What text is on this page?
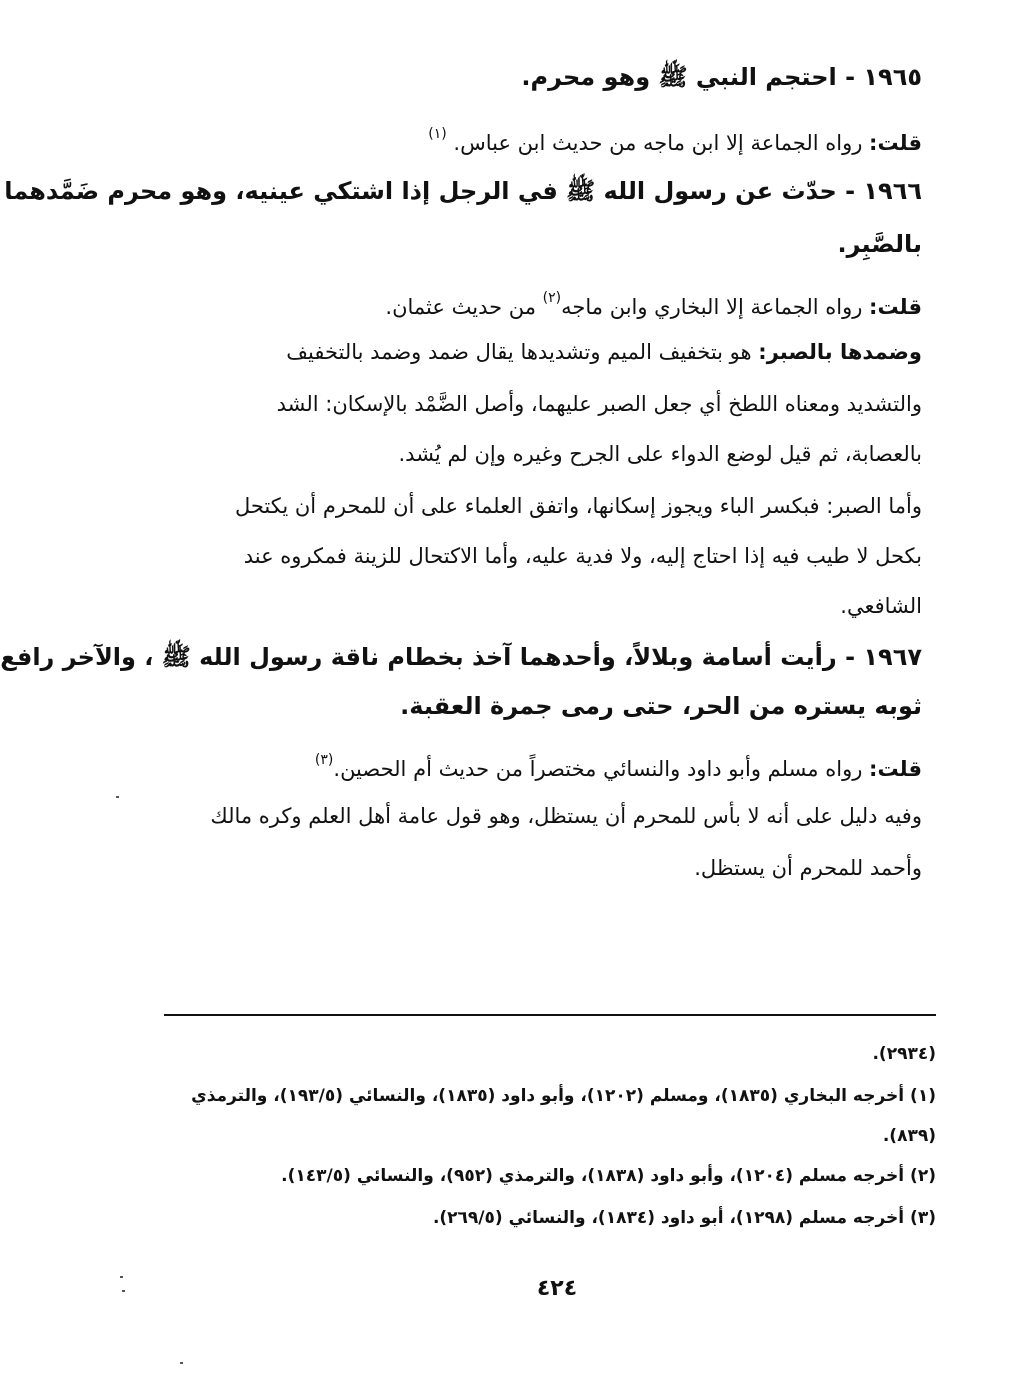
١٩٦٥ - احتجم النبي ﷺ وهو محرم.
قلت: رواه الجماعة إلا ابن ماجه من حديث ابن عباس. $^{(١)}$
١٩٦٦ - حدّث عن رسول الله ﷺ في الرجل إذا اشتكي عينيه، وهو محرم ضَمَّدهما
بالصَّبِر.
قلت: رواه الجماعة إلا البخاري وابن ماجه$^{(٢)}$ من حديث عثمان.
وضمدها بالصبر: هو بتخفيف الميم وتشديدها يقال ضمد وضمد بالتخفيف
والتشديد ومعناه اللطخ أي جعل الصبر عليهما، وأصل الضَّمْد بالإسكان: الشد
بالعصابة، ثم قيل لوضع الدواء على الجرح وغيره وإن لم يُشد.
وأما الصبر: فبكسر الباء ويجوز إسكانها، واتفق العلماء على أن للمحرم أن يكتحل
بكحل لا طيب فيه إذا احتاج إليه، ولا فدية عليه، وأما الاكتحال للزينة فمكروه عند
الشافعي.
١٩٦٧ - رأيت أسامة وبلالاً، وأحدهما آخذ بخطام ناقة رسول الله ﷺ ، والآخر رافع
ثوبه يستره من الحر، حتى رمى جمرة العقبة.
قلت: رواه مسلم وأبو داود والنسائي مختصراً من حديث أم الحصين.$^{(٣)}$
وفيه دليل على أنه لا بأس للمحرم أن يستظل، وهو قول عامة أهل العلم وكره مالك
وأحمد للمحرم أن يستظل.
(٢٩٣٤).
(١) أخرجه البخاري (١٨٣٥)، ومسلم (١٢٠٢)، وأبو داود (١٨٣٥)، والنسائي (١٩٣/٥)، والترمذي
(٨٣٩).
(٢) أخرجه مسلم (١٢٠٤)، وأبو داود (١٨٣٨)، والترمذي (٩٥٢)، والنسائي (١٤٣/٥).
(٣) أخرجه مسلم (١٢٩٨)، أبو داود (١٨٣٤)، والنسائي (٢٦٩/٥).
٤٢٤
